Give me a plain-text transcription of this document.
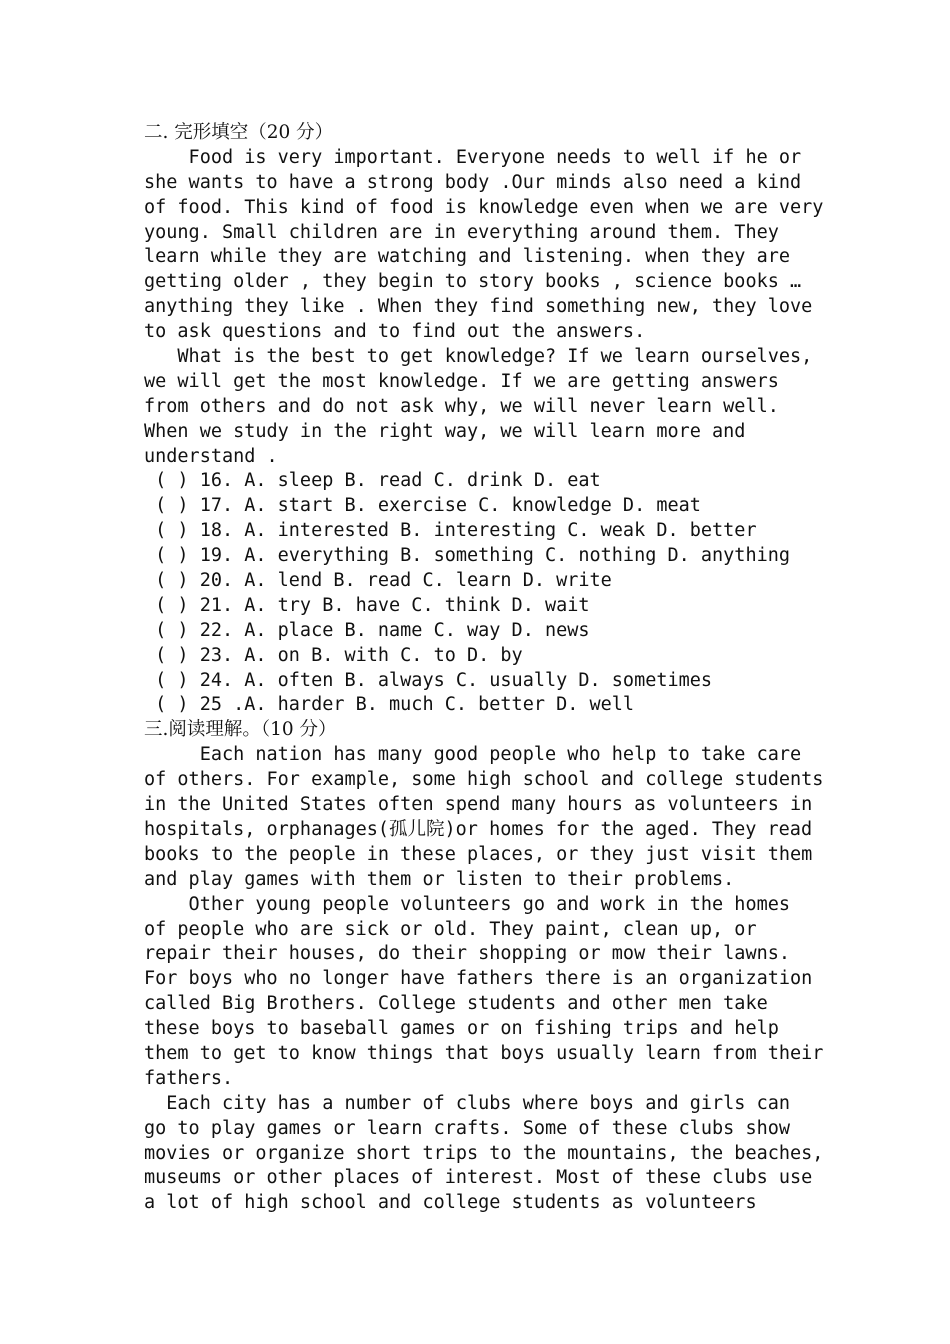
二. 完形填空（20 分）
Food is very important. Everyone needs to well if he or
she wants to have a strong body .Our minds also need a kind
of food. This kind of food is knowledge even when we are very
young. Small children are in everything around them. They
learn while they are watching and listening. when they are
getting older , they begin to story books , science books …
anything they like . When they find something new, they love
to ask questions and to find out the answers.
What is the best to get knowledge? If we learn ourselves,
we will get the most knowledge. If we are getting answers
from others and do not ask why, we will never learn well.
When we study in the right way, we will learn more and
understand .
( ) 16. A. sleep B. read C. drink D. eat
( ) 17. A. start B. exercise C. knowledge D. meat
( ) 18. A. interested B. interesting C. weak D. better
( ) 19. A. everything B. something C. nothing D. anything
( ) 20. A. lend B. read C. learn D. write
( ) 21. A. try B. have C. think D. wait
( ) 22. A. place B. name C. way D. news
( ) 23. A. on B. with C. to D. by
( ) 24. A. often B. always C. usually D. sometimes
( ) 25 .A. harder B. much C. better D. well
三.阅读理解。（10 分）
Each nation has many good people who help to take care
of others. For example, some high school and college students
in the United States often spend many hours as volunteers in
hospitals, orphanages(孤儿院)or homes for the aged. They read
books to the people in these places, or they just visit them
and play games with them or listen to their problems.
Other young people volunteers go and work in the homes
of people who are sick or old. They paint, clean up, or
repair their houses, do their shopping or mow their lawns.
For boys who no longer have fathers there is an organization
called Big Brothers. College students and other men take
these boys to baseball games or on fishing trips and help
them to get to know things that boys usually learn from their
fathers.
Each city has a number of clubs where boys and girls can
go to play games or learn crafts. Some of these clubs show
movies or organize short trips to the mountains, the beaches,
museums or other places of interest. Most of these clubs use
a lot of high school and college students as volunteers
